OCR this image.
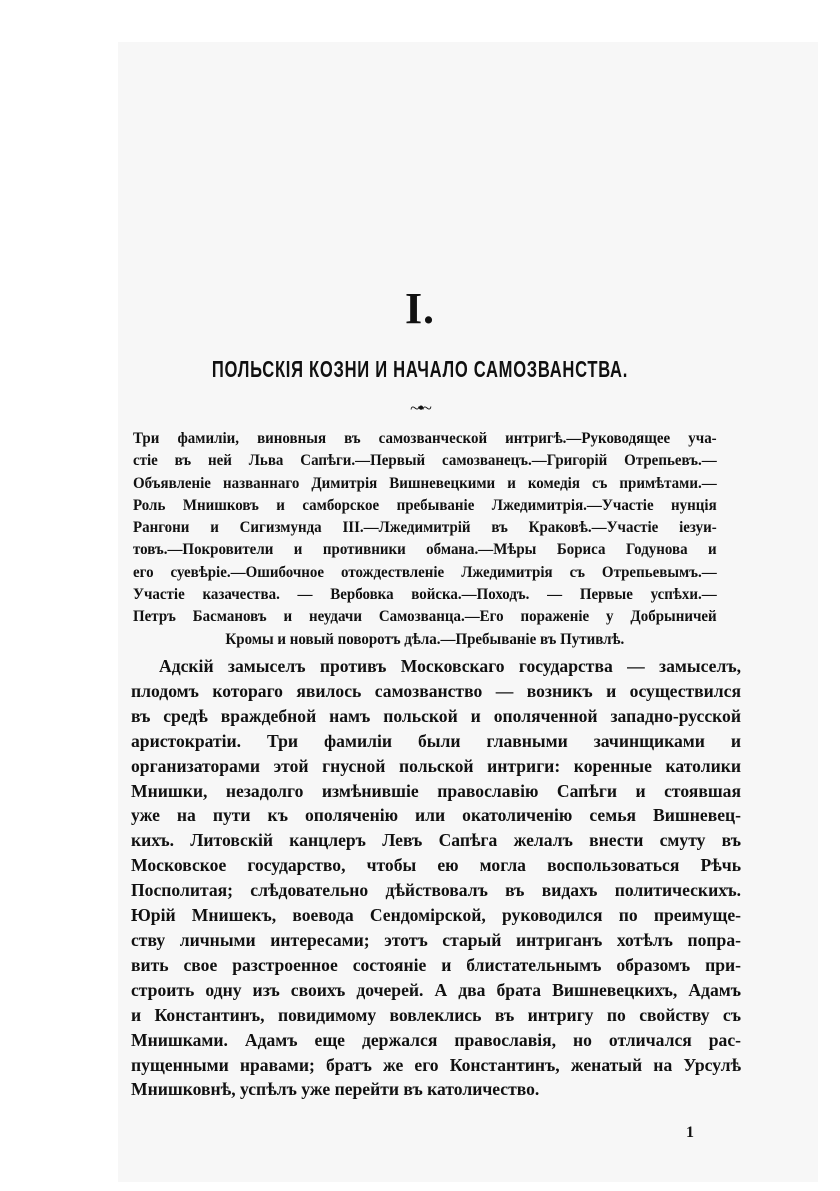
I.
ПОЛЬСКІЯ КОЗНИ И НАЧАЛО САМОЗВАНСТВА.
~•~
Три фамиліи, виновныя въ самозванческой интригѣ.—Руководящее уча-
стіе въ ней Льва Сапѣги.—Первый самозванецъ.—Григорій Отрепьевъ.—
Объявленіе названнаго Димитрія Вишневецкими и комедія съ примѣтами.—
Роль Мнишковъ и самборское пребываніе Лжедимитрія.—Участіе нунція
Рангони и Сигизмунда III.—Лжедимитрій въ Краковѣ.—Участіе іезуи-
товъ.—Покровители и противники обмана.—Мѣры Бориса Годунова и
его суевѣріе.—Ошибочное отождествленіе Лжедимитрія съ Отрепьевымъ.—
Участіе казачества. — Вербовка войска.—Походъ. — Первые успѣхи.—
Петръ Басмановъ и неудачи Самозванца.—Его пораженіе у Добрыничей
Кромы и новый поворотъ дѣла.—Пребываніе въ Путивлѣ.
Адскій замыселъ противъ Московскаго государства — замыселъ,
плодомъ котораго явилось самозванство — возникъ и осуществился
въ средѣ враждебной намъ польской и ополяченной западно-русской
аристократіи. Три фамиліи были главными зачинщиками и
организаторами этой гнусной польской интриги: коренные католики
Мнишки, незадолго измѣнившіе православію Сапѣги и стоявшая
уже на пути къ ополяченію или окатоличенію семья Вишневец-
кихъ. Литовскій канцлеръ Левъ Сапѣга желалъ внести смуту въ
Московское государство, чтобы ею могла воспользоваться Рѣчь
Посполитая; слѣдовательно дѣйствовалъ въ видахъ политическихъ.
Юрій Мнишекъ, воевода Сендомірской, руководился по преимуще-
ству личными интересами; этотъ старый интриганъ хотѣлъ попра-
вить свое разстроенное состояніе и блистательнымъ образомъ при-
строить одну изъ своихъ дочерей. А два брата Вишневецкихъ, Адамъ
и Константинъ, повидимому вовлеклись въ интригу по свойству съ
Мнишками. Адамъ еще держался православія, но отличался рас-
пущенными нравами; братъ же его Константинъ, женатый на Урсулѣ
Мнишковнѣ, успѣлъ уже перейти въ католичество.
1
